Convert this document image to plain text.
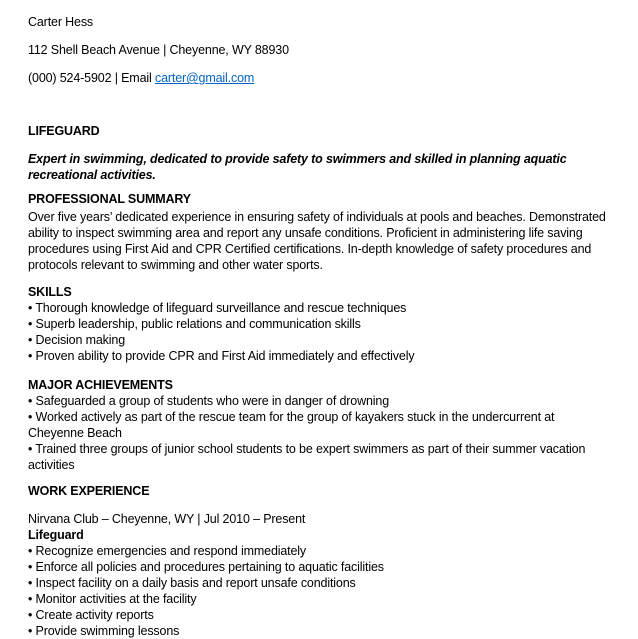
Carter Hess

112 Shell Beach Avenue | Cheyenne, WY 88930

(000) 524-5902 | Email carter@gmail.com

LIFEGUARD

Expert in swimming, dedicated to provide safety to swimmers and skilled in planning aquatic recreational activities.

PROFESSIONAL SUMMARY

Over five years’ dedicated experience in ensuring safety of individuals at pools and beaches. Demonstrated ability to inspect swimming area and report any unsafe conditions. Proficient in administering life saving procedures using First Aid and CPR Certified certifications. In-depth knowledge of safety procedures and protocols relevant to swimming and other water sports.

SKILLS

• Thorough knowledge of lifeguard surveillance and rescue techniques

• Superb leadership, public relations and communication skills

• Decision making

• Proven ability to provide CPR and First Aid immediately and effectively

MAJOR ACHIEVEMENTS

• Safeguarded a group of students who were in danger of drowning

• Worked actively as part of the rescue team for the group of kayakers stuck in the undercurrent at Cheyenne Beach

• Trained three groups of junior school students to be expert swimmers as part of their summer vacation activities

WORK EXPERIENCE

Nirvana Club – Cheyenne, WY | Jul 2010 – Present

Lifeguard

• Recognize emergencies and respond immediately

• Enforce all policies and procedures pertaining to aquatic facilities

• Inspect facility on a daily basis and report unsafe conditions

• Monitor activities at the facility

• Create activity reports

• Provide swimming lessons
